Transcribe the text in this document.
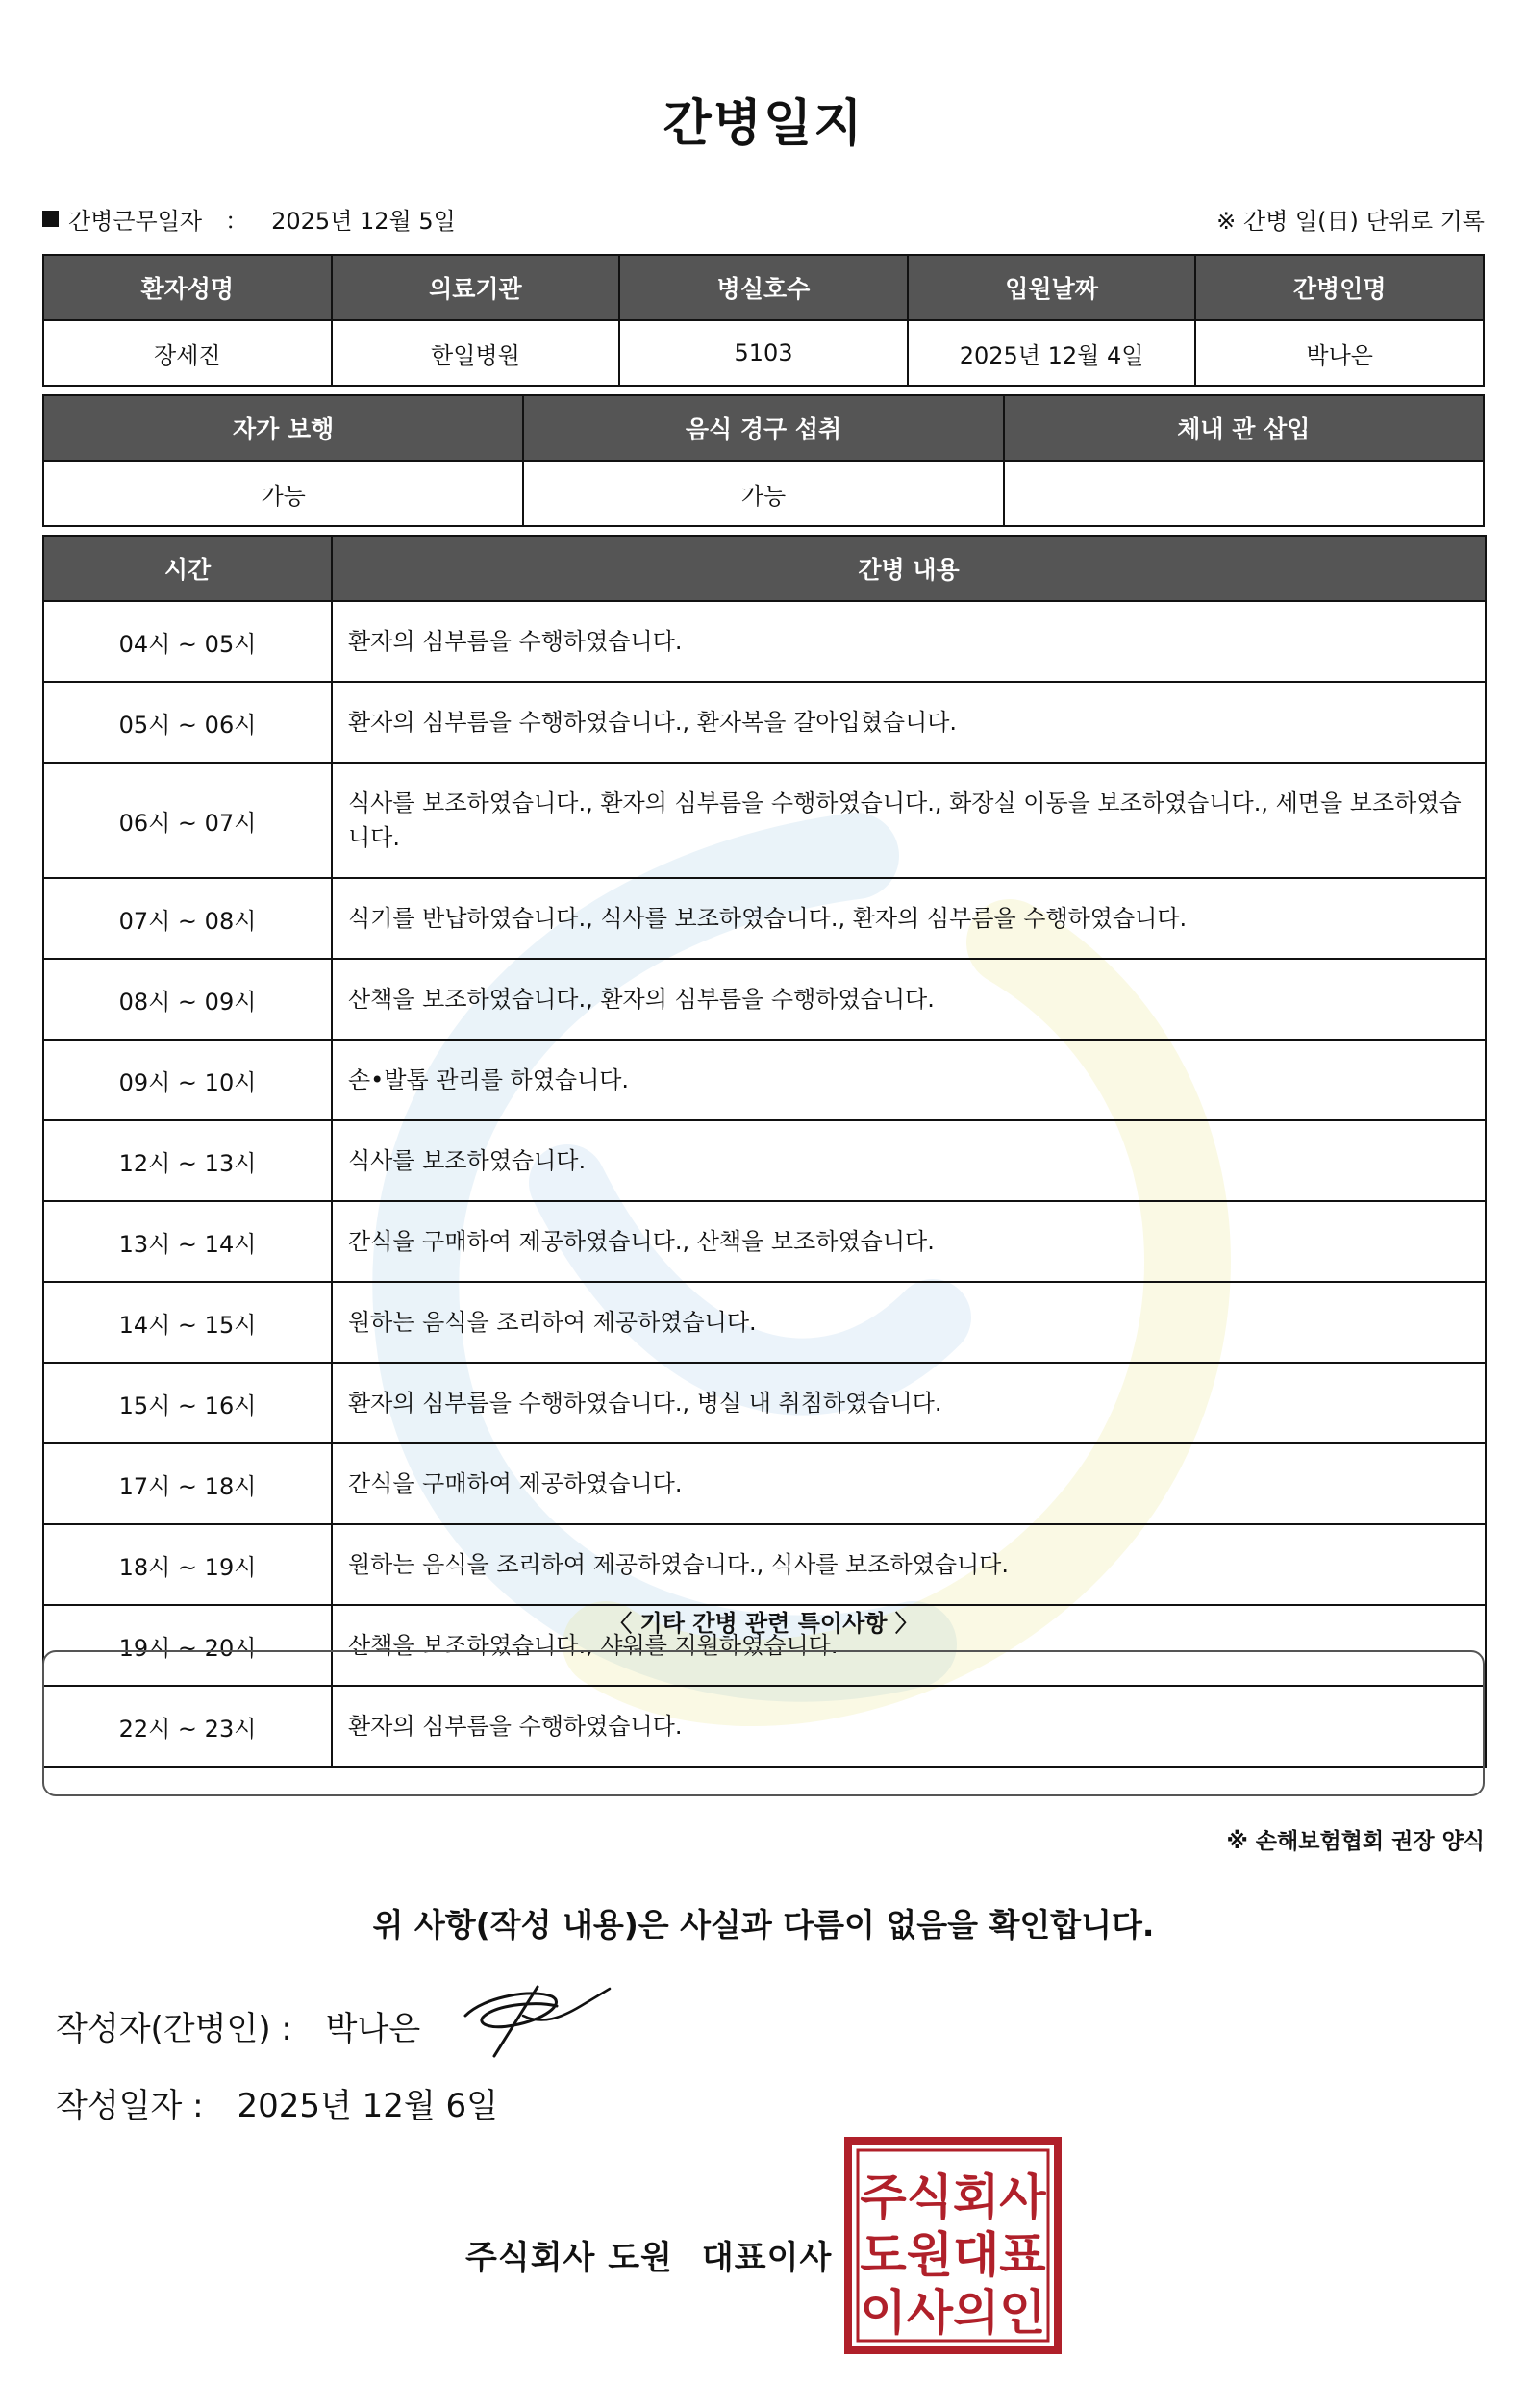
간병일지
간병근무일자 ： 2025년 12월 5일	※ 간병 일(日) 단위로 기록
환자성명	의료기관	병실호수	입원날짜	간병인명
장세진	한일병원	5103	2025년 12월 4일	박나은
자가 보행	음식 경구 섭취	체내 관 삽입
가능	가능	
시간	간병 내용
04시 ~ 05시	환자의 심부름을 수행하였습니다.
05시 ~ 06시	환자의 심부름을 수행하였습니다., 환자복을 갈아입혔습니다.
06시 ~ 07시	식사를 보조하였습니다., 환자의 심부름을 수행하였습니다., 화장실 이동을 보조하였습니다., 세면을 보조하였습니다.
07시 ~ 08시	식기를 반납하였습니다., 식사를 보조하였습니다., 환자의 심부름을 수행하였습니다.
08시 ~ 09시	산책을 보조하였습니다., 환자의 심부름을 수행하였습니다.
09시 ~ 10시	손•발톱 관리를 하였습니다.
12시 ~ 13시	식사를 보조하였습니다.
13시 ~ 14시	간식을 구매하여 제공하였습니다., 산책을 보조하였습니다.
14시 ~ 15시	원하는 음식을 조리하여 제공하였습니다.
15시 ~ 16시	환자의 심부름을 수행하였습니다., 병실 내 취침하였습니다.
17시 ~ 18시	간식을 구매하여 제공하였습니다.
18시 ~ 19시	원하는 음식을 조리하여 제공하였습니다., 식사를 보조하였습니다.
19시 ~ 20시	산책을 보조하였습니다., 샤워를 지원하였습니다.
22시 ~ 23시	환자의 심부름을 수행하였습니다.
〈 기타 간병 관련 특이사항 〉
※ 손해보험협회 권장 양식
위 사항(작성 내용)은 사실과 다름이 없음을 확인합니다.
작성자(간병인) : 박나은
작성일자 : 2025년 12월 6일
주식회사 도원 대표이사
주식회사
도원대표
이사의인
